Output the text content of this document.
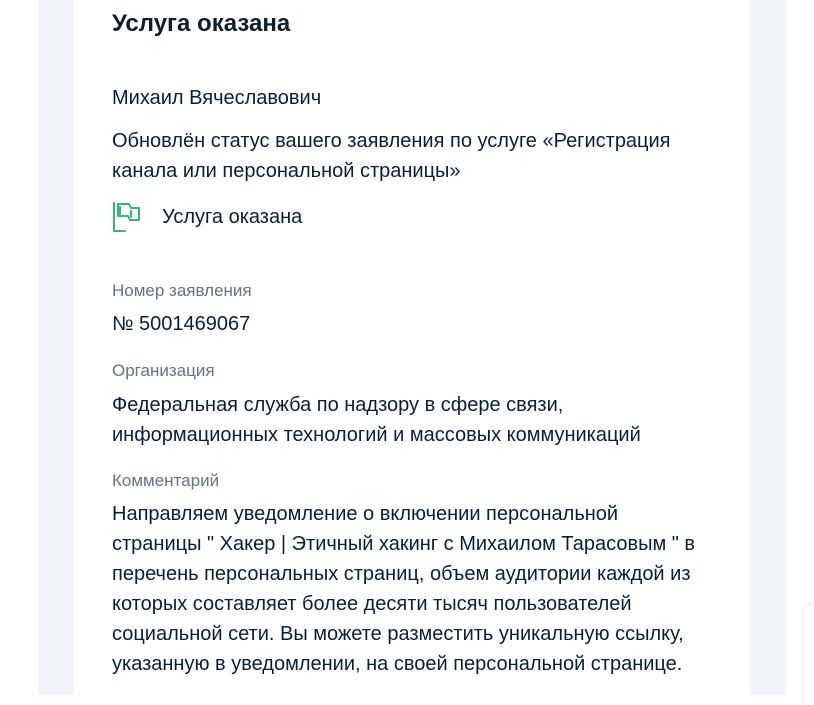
Услуга оказана
Михаил Вячеславович
Обновлён статус вашего заявления по услуге «Регистрация канала или персональной страницы»
Услуга оказана
Номер заявления
№ 5001469067
Организация
Федеральная служба по надзору в сфере связи, информационных технологий и массовых коммуникаций
Комментарий
Направляем уведомление о включении персональной страницы " Хакер | Этичный хакинг с Михаилом Тарасовым " в перечень персональных страниц, объем аудитории каждой из которых составляет более десяти тысяч пользователей социальной сети. Вы можете разместить уникальную ссылку, указанную в уведомлении, на своей персональной странице.
